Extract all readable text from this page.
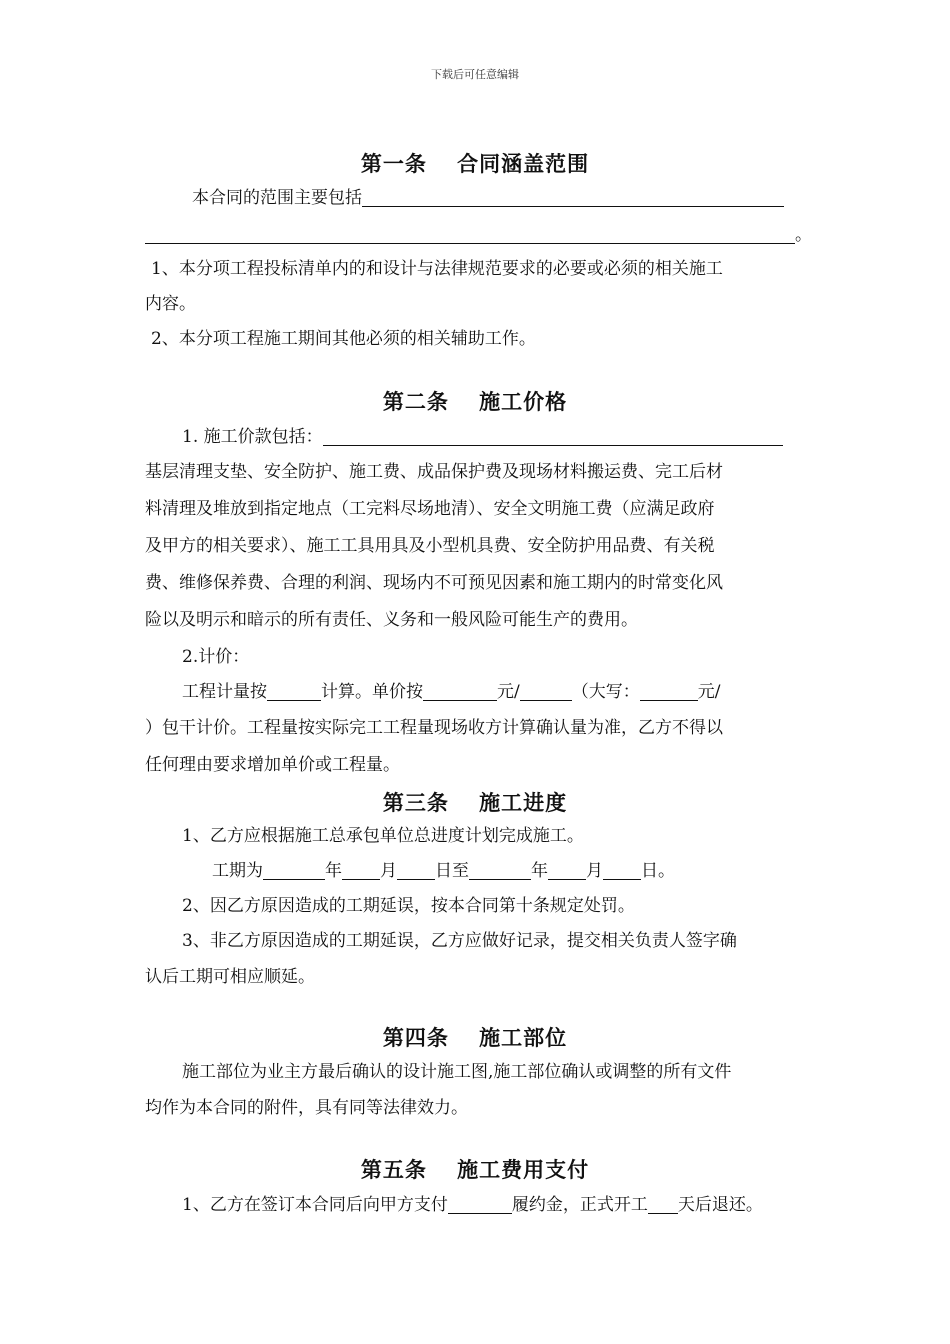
下载后可任意编辑
第一条　 合同涵盖范围
本合同的范围主要包括
。
1、本分项工程投标清单内的和设计与法律规范要求的必要或必须的相关施工
内容。
2、本分项工程施工期间其他必须的相关辅助工作。
第二条　 施工价格
1. 施工价款包括：
基层清理支垫、安全防护、施工费、成品保护费及现场材料搬运费、完工后材
料清理及堆放到指定地点（工完料尽场地清）、安全文明施工费（应满足政府
及甲方的相关要求）、施工工具用具及小型机具费、安全防护用品费、有关税
费、维修保养费、合理的利润、现场内不可预见因素和施工期内的时常变化风
险以及明示和暗示的所有责任、义务和一般风险可能生产的费用。
2.计价：
工程计量按	计算。单价按	元/	（大写：	元/
）包干计价。工程量按实际完工工程量现场收方计算确认量为准，乙方不得以
任何理由要求增加单价或工程量。
第三条　 施工进度
1、乙方应根据施工总承包单位总进度计划完成施工。
工期为	年 月 日至	年 月 日。
2、因乙方原因造成的工期延误，按本合同第十条规定处罚。
3、非乙方原因造成的工期延误，乙方应做好记录，提交相关负责人签字确
认后工期可相应顺延。
第四条　 施工部位
施工部位为业主方最后确认的设计施工图,施工部位确认或调整的所有文件
均作为本合同的附件，具有同等法律效力。
第五条　 施工费用支付
1、乙方在签订本合同后向甲方支付	履约金，正式开工 天后退还。
